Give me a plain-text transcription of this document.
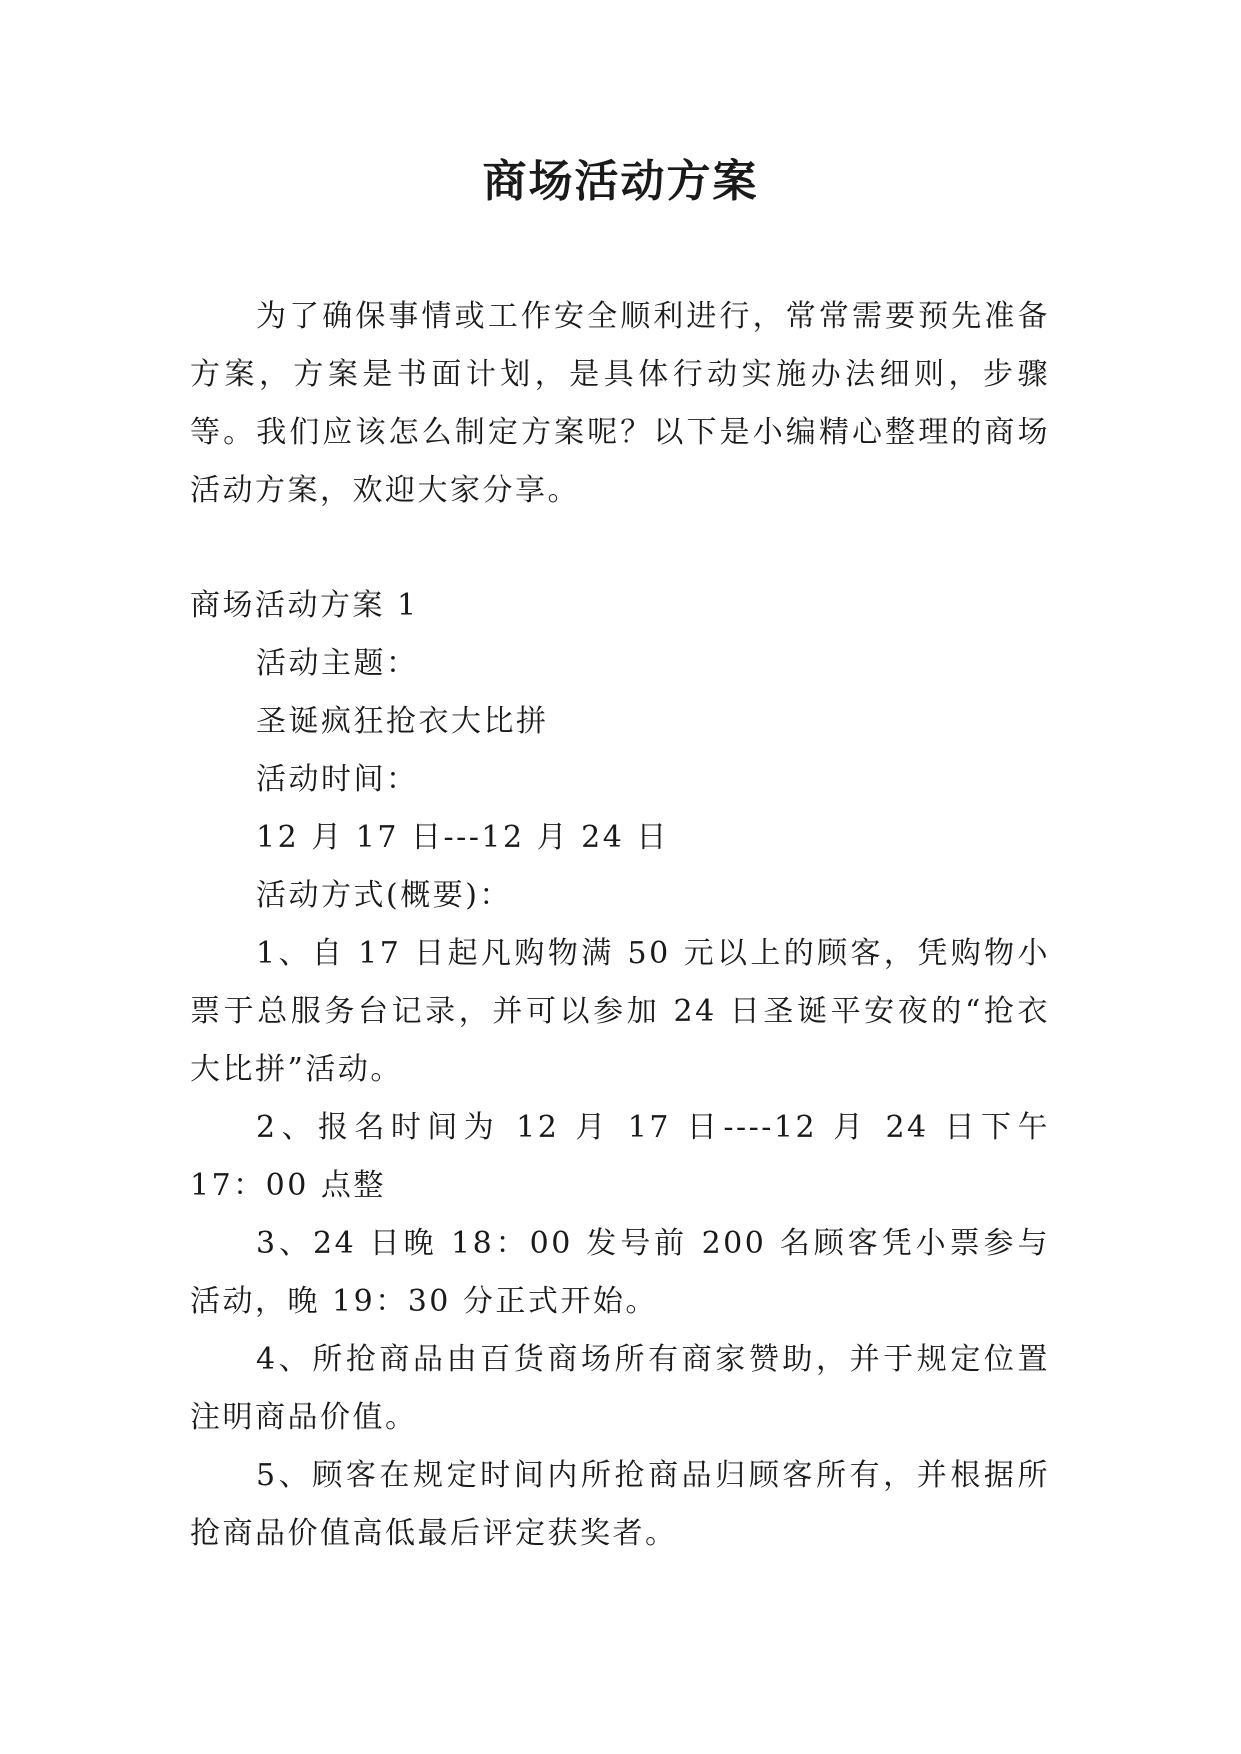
商场活动方案

为了确保事情或工作安全顺利进行，常常需要预先准备方案，方案是书面计划，是具体行动实施办法细则，步骤等。我们应该怎么制定方案呢？以下是小编精心整理的商场活动方案，欢迎大家分享。

商场活动方案 1

活动主题：

圣诞疯狂抢衣大比拼

活动时间：

12 月 17 日---12 月 24 日

活动方式(概要)：

1、自 17 日起凡购物满 50 元以上的顾客，凭购物小票于总服务台记录，并可以参加 24 日圣诞平安夜的“抢衣大比拼”活动。

2、报名时间为 12 月 17 日----12 月 24 日下午 17：00 点整

3、24 日晚 18：00 发号前 200 名顾客凭小票参与活动，晚 19：30 分正式开始。

4、所抢商品由百货商场所有商家赞助，并于规定位置注明商品价值。

5、顾客在规定时间内所抢商品归顾客所有，并根据所抢商品价值高低最后评定获奖者。
